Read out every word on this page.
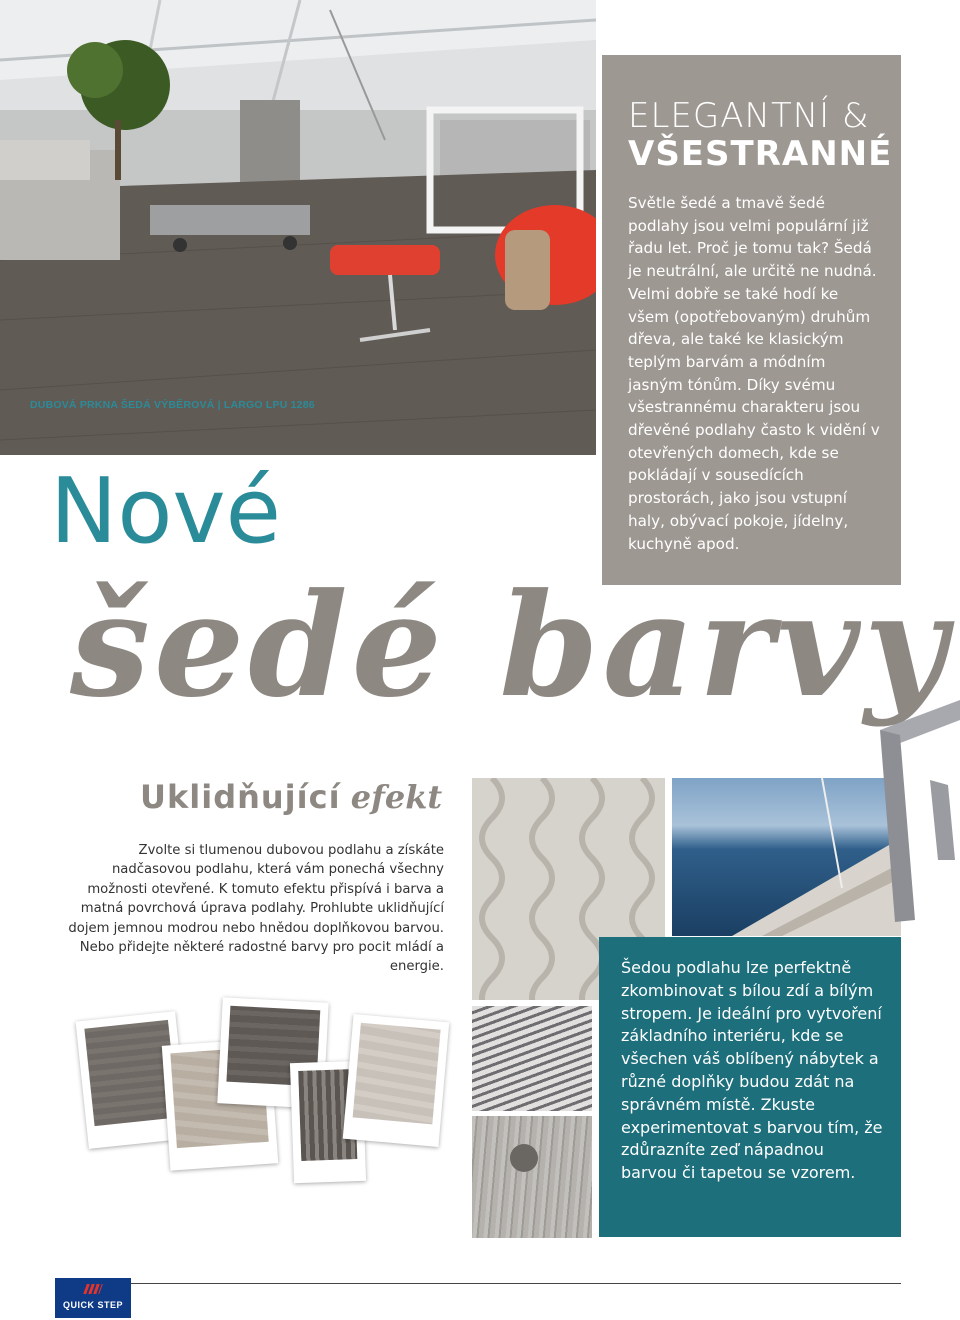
DUBOVÁ PRKNA ŠEDÁ VÝBĚROVÁ | LARGO LPU 1286
ELEGANTNÍ &
VŠESTRANNÉ
Světle šedé a tmavě šedé podlahy jsou velmi populární již řadu let. Proč je tomu tak? Šedá je neutrální, ale určitě ne nudná. Velmi dobře se také hodí ke všem (opotřebovaným) druhům dřeva, ale také ke klasickým teplým barvám a módním jasným tónům. Díky svému všestrannému charakteru jsou dřevěné podlahy často k vidění v otevřených domech, kde se pokládají v sousedících prostorách, jako jsou vstupní haly, obývací pokoje, jídelny, kuchyně apod.
Nové
šedé barvy
Uklidňující efekt
Zvolte si tlumenou dubovou podlahu a získáte nadčasovou podlahu, která vám ponechá všechny možnosti otevřené. K tomuto efektu přispívá i barva a matná povrchová úprava podlahy. Prohlubte uklidňující dojem jemnou modrou nebo hnědou doplňkovou barvou. Nebo přidejte některé radostné barvy pro pocit mládí a energie.	Šedou podlahu lze perfektně zkombinovat s bílou zdí a bílým stropem. Je ideální pro vytvoření základního interiéru, kde se všechen váš oblíbený nábytek a různé doplňky budou zdát na správném místě. Zkuste experimentovat s barvou tím, že zdůrazníte zeď nápadnou barvou či tapetou se vzorem.
QUICK STEP
